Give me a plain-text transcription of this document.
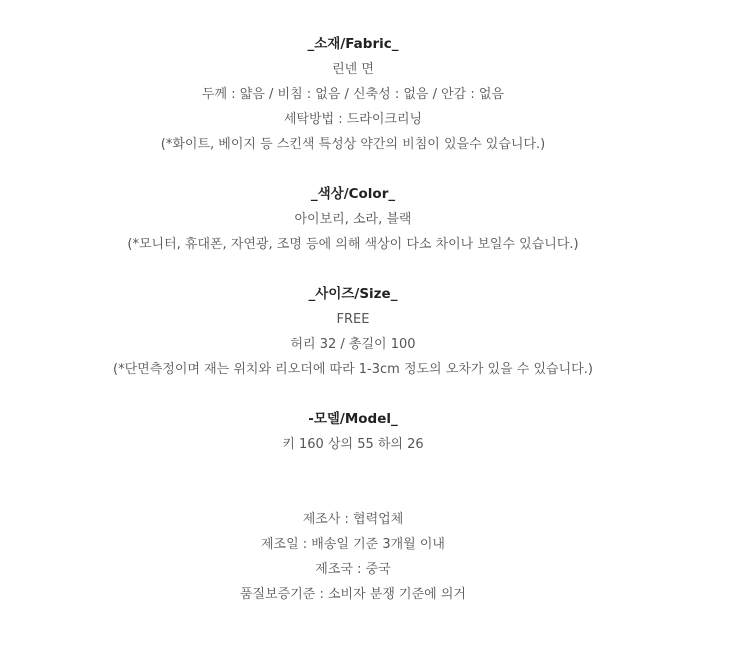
_소재/Fabric_
린넨 면
두께 : 얇음 / 비침 : 없음 / 신축성 : 없음 / 안감 : 없음
세탁방법 : 드라이크리닝
(*화이트, 베이지 등 스킨색 특성상 약간의 비침이 있을수 있습니다.)
_색상/Color_
아이보리, 소라, 블랙
(*모니터, 휴대폰, 자연광, 조명 등에 의해 색상이 다소 차이나 보일수 있습니다.)
_사이즈/Size_
FREE
허리 32 / 총길이 100
(*단면측정이며 재는 위치와 리오더에 따라 1-3cm 정도의 오차가 있을 수 있습니다.)
-모델/Model_
키 160 상의 55 하의 26
제조사 : 협력업체
제조일 : 배송일 기준 3개월 이내
제조국 : 중국
품질보증기준 : 소비자 분쟁 기준에 의거
